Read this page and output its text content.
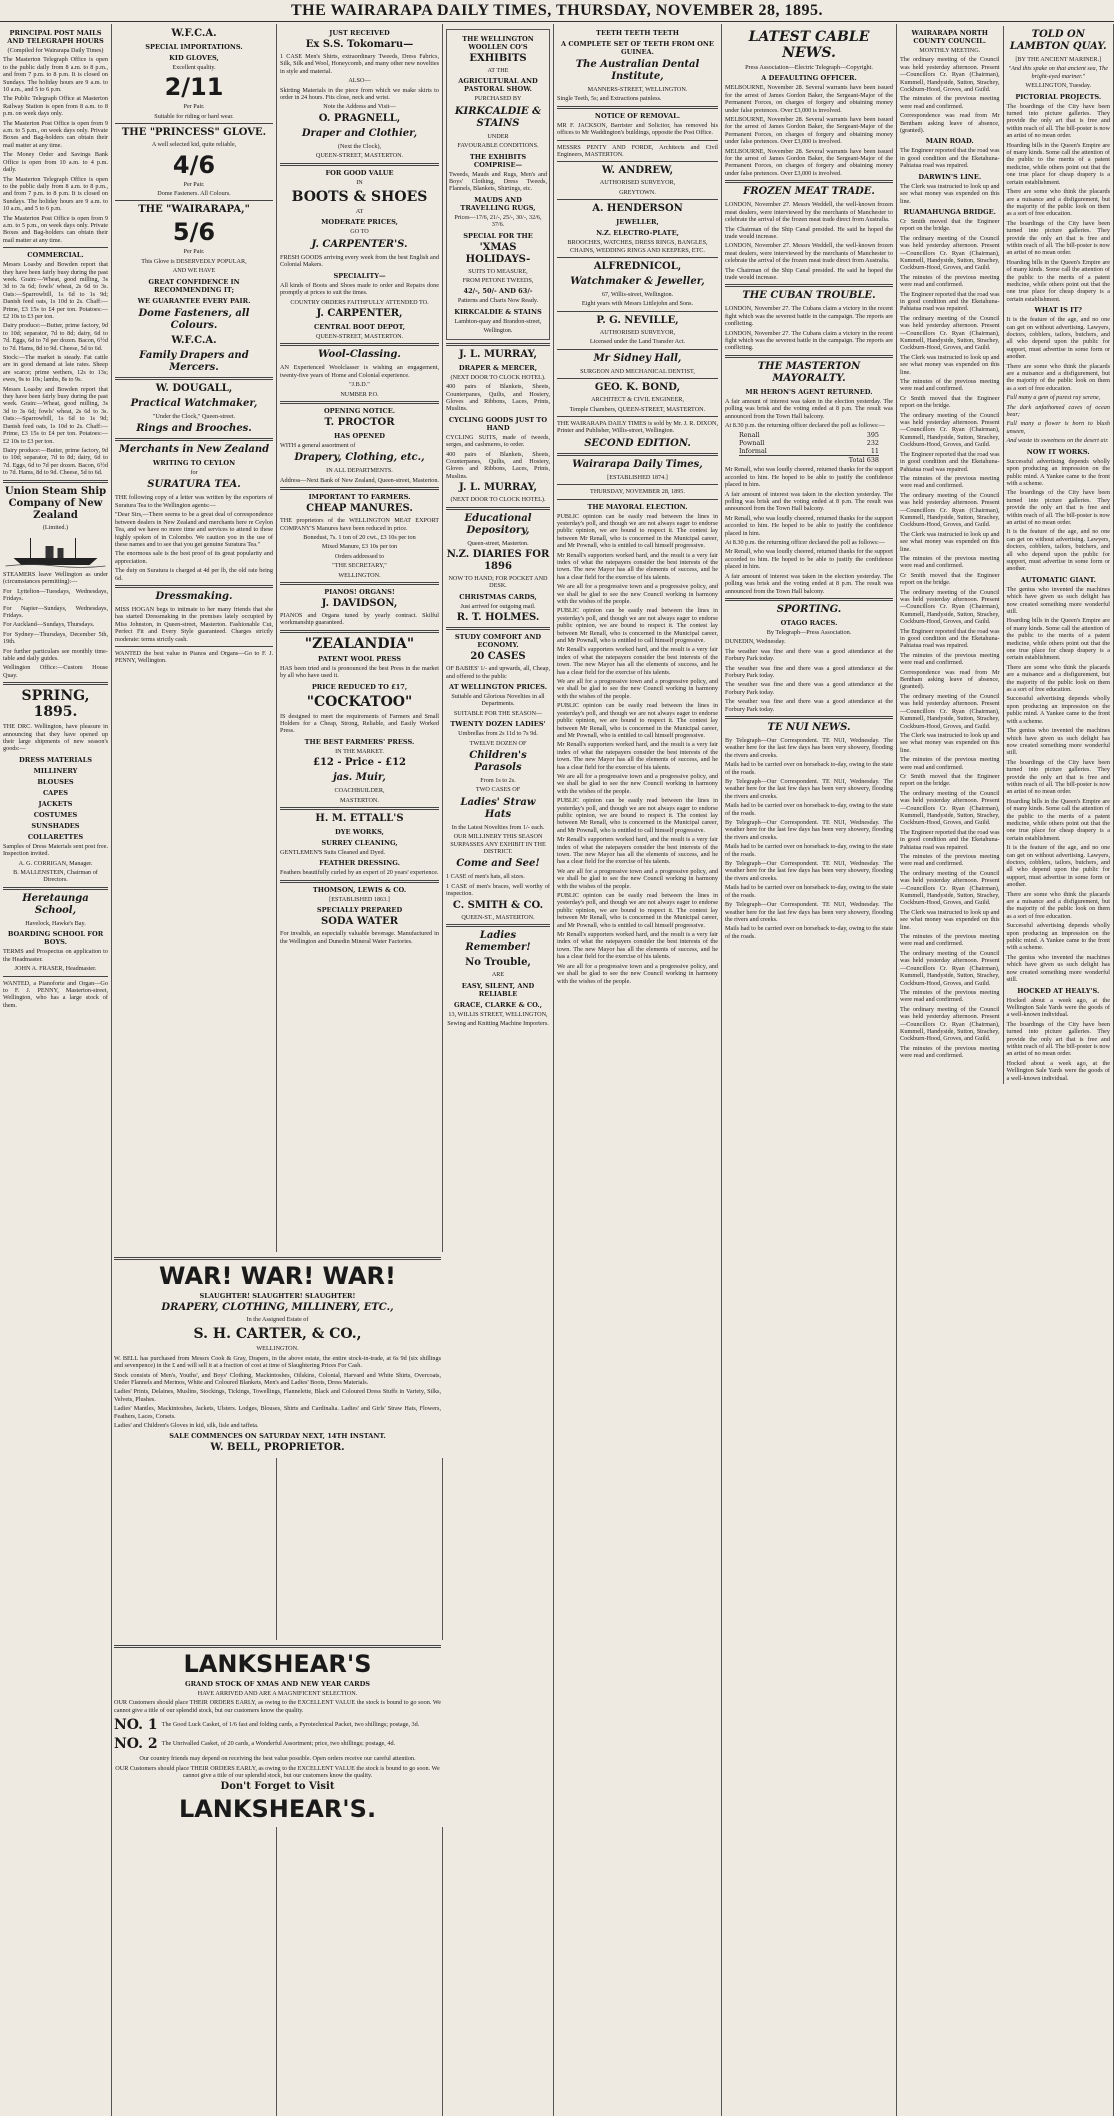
THE WAIRARAPA DAILY TIMES, THURSDAY, NOVEMBER 28, 1895.
PRINCIPAL POST MAILS AND TELEGRAPH HOURS

(Compiled for Wairarapa Daily Times)

The Masterton Telegraph Office is open to the public daily from 8 a.m. to 8 p.m., and from 7 p.m. to 8 p.m. It is closed on Sundays. The holiday hours are 9 a.m. to 10 a.m., and 5 to 6 p.m.

The Public Telegraph Office at Masterton Railway Station is open from 8 a.m. to 8 p.m. on week days only.

The Masterton Post Office is open from 9 a.m. to 5 p.m., on week days only. Private Boxes and Bag-holders can obtain their mail matter at any time.

The Money Order and Savings Bank Office is open from 10 a.m. to 4 p.m. daily.

The Masterton Telegraph Office is open to the public daily from 8 a.m. to 8 p.m., and from 7 p.m. to 8 p.m. It is closed on Sundays. The holiday hours are 9 a.m. to 10 a.m., and 5 to 6 p.m.

The Masterton Post Office is open from 9 a.m. to 5 p.m., on week days only. Private Boxes and Bag-holders can obtain their mail matter at any time.

COMMERCIAL.

Messrs Loasby and Bowden report that they have been fairly busy during the past week. Grain:—Wheat, good milling, 3s 3d to 3s 6d; fowls' wheat, 2s 6d to 3s. Oats:—Sparrowbill, 1s 6d to 1s 9d; Danish feed oats, 1s 10d to 2s. Chaff:—Prime, £3 15s to £4 per ton. Potatoes:—£2 10s to £3 per ton.

Dairy produce:—Butter, prime factory, 9d to 10d; separator, 7d to 8d; dairy, 6d to 7d. Eggs, 6d to 7d per dozen. Bacon, 6½d to 7d. Hams, 8d to 9d. Cheese, 5d to 6d.

Stock:—The market is steady. Fat cattle are in good demand at late rates. Sheep are scarce; prime wethers, 12s to 13s; ewes, 9s to 10s; lambs, 8s to 9s.

Messrs Loasby and Bowden report that they have been fairly busy during the past week. Grain:—Wheat, good milling, 3s 3d to 3s 6d; fowls' wheat, 2s 6d to 3s. Oats:—Sparrowbill, 1s 6d to 1s 9d; Danish feed oats, 1s 10d to 2s. Chaff:—Prime, £3 15s to £4 per ton. Potatoes:—£2 10s to £3 per ton.

Dairy produce:—Butter, prime factory, 9d to 10d; separator, 7d to 8d; dairy, 6d to 7d. Eggs, 6d to 7d per dozen. Bacon, 6½d to 7d. Hams, 8d to 9d. Cheese, 5d to 6d.

Union Steam Ship Company of New Zealand

(Limited.)

STEAMERS leave Wellington as under (circumstances permitting):—

For Lyttelton—Tuesdays, Wednesdays, Fridays.

For Napier—Sundays, Wednesdays, Fridays.

For Auckland—Sundays, Thursdays.

For Sydney—Thursdays, December 5th, 19th.

For further particulars see monthly time-table and daily guides.

Wellington Office:—Custom House Quay.

SPRING, 1895.

THE DRC. Wellington, have pleasure in announcing that they have opened up their large shipments of new season's goods:—

DRESS MATERIALS
MILLINERY
BLOUSES
CAPES
JACKETS
COSTUMES
SUNSHADES
COLLARETTES

Samples of Dress Materials sent post free. Inspection invited.

A. G. CORRIGAN, Manager.

B. MALLENSTEIN, Chairman of Directors.

Heretaunga School,

Havelock, Hawke's Bay.

BOARDING SCHOOL FOR BOYS.

TERMS and Prospectus on application to the Headmaster.

JOHN A. FRASER, Headmaster.

WANTED, a Pianoforte and Organ—Go to F. J. PENNY, Masterton-street, Wellington, who has a large stock of them.

W.F.C.A.
SPECIAL IMPORTATIONS.
KID GLOVES,

Excellent quality.

2/11

Per Pair.

Suitable for riding or hard wear.

THE "PRINCESS" GLOVE.

A well selected kid, quite reliable,

4/6

Per Pair.

Dome Fasteners. All Colours.

THE "WAIRARAPA,"
5/6

Per Pair.

This Glove is DESERVEDLY POPULAR,

AND WE HAVE

GREAT CONFIDENCE IN RECOMMENDING IT;
WE GUARANTEE EVERY PAIR.
Dome Fasteners, all Colours.
W.F.C.A.
Family Drapers and Mercers.
W. DOUGALL,
Practical Watchmaker,

"Under the Clock," Queen-street.

Rings and Brooches.
Merchants in New Zealand
WRITING TO CEYLON

for

SURATURA TEA.

THE following copy of a letter was written by the exporters of Suratura Tea to the Wellington agents:—

"Dear Sirs,—There seems to be a great deal of correspondence between dealers in New Zealand and merchants here re Ceylon Tea, and we have no more time and services to attend to these highly spoken of in Colombo. We caution you in the use of these names and to see that you get genuine Suratura Tea."

The enormous sale is the best proof of its great popularity and appreciation.

The duty on Suratura is charged at 4d per lb, the old rate being 6d.

Dressmaking.

MISS HOGAN begs to intimate to her many friends that she has started Dressmaking in the premises lately occupied by Miss Johnston, in Queen-street, Masterton. Fashionable Cut, Perfect Fit and Every Style guaranteed. Charges strictly moderate: terms strictly cash.

WANTED the best value in Pianos and Organs—Go to F. J. PENNY, Wellington.

JUST RECEIVED
Ex S.S. Tokomaru—

1 CASE Men's Shirts, extraordinary Tweeds, Dress Fabrics, Silk, Silk and Wool, Honeycomb, and many other new novelties in style and material.

ALSO—

Skirting Materials in the piece from which we make skirts to order in 24 hours. Fits close, neck and wrist.

Note the Address and Visit—

O. PRAGNELL,
Draper and Clothier,

(Next the Clock),

QUEEN-STREET, MASTERTON.

FOR GOOD VALUE

IN

BOOTS & SHOES

AT

MODERATE PRICES,

GO TO

J. CARPENTER'S.

FRESH GOODS arriving every week from the best English and Colonial Makers.

SPECIALITY—

All kinds of Boots and Shoes made to order and Repairs done promptly at prices to suit the times.

COUNTRY ORDERS FAITHFULLY ATTENDED TO.

J. CARPENTER,
CENTRAL BOOT DEPOT,

QUEEN-STREET, MASTERTON.

Wool-Classing.

AN Experienced Woolclasser is wishing an engagement, twenty-five years of Home and Colonial experience.

"J.B.D."

NUMBER P.O.

OPENING NOTICE.
T. PROCTOR
HAS OPENED

WITH a general assortment of

Drapery, Clothing, etc.,

IN ALL DEPARTMENTS.

Address—Next Bank of New Zealand, Queen-street, Masterton.

IMPORTANT TO FARMERS.
CHEAP MANURES.

THE proprietors of the WELLINGTON MEAT EXPORT COMPANY'S Manures have been reduced in price.

Bonedust, 7s. 1 ton of 20 cwt., £3 10s per ton

Mixed Manure, £3 10s per ton

Orders addressed to

"THE SECRETARY,"

WELLINGTON.

PIANOS! ORGANS!
J. DAVIDSON,

PIANOS and Organs tuned by yearly contract. Skilful workmanship guaranteed.

"ZEALANDIA"
PATENT WOOL PRESS

HAS been tried and is pronounced the best Press in the market by all who have used it.

PRICE REDUCED TO £17,
"COCKATOO"

IS designed to meet the requirements of Farmers and Small Holders for a Cheap, Strong, Reliable, and Easily Worked Press.

THE BEST FARMERS' PRESS.

IN THE MARKET.

£12 - Price - £12
jas. Muir,

COACHBUILDER,

MASTERTON.

H. M. ETTALL'S
DYE WORKS,
SURREY CLEANING,

GENTLEMEN'S Suits Cleaned and Dyed.

FEATHER DRESSING.

Feathers beautifully curled by an expert of 20 years' experience.

THOMSON, LEWIS & CO.

[ESTABLISHED 1863.]

SPECIALLY PREPARED
SODA WATER

For invalids, an especially valuable beverage. Manufactured in the Wellington and Dunedin Mineral Water Factories.

THE WELLINGTON WOOLLEN CO'S
EXHIBITS

AT THE

AGRICULTURAL AND PASTORAL SHOW.

PURCHASED BY

KIRKCALDIE & STAINS

UNDER

FAVOURABLE CONDITIONS.

THE EXHIBITS COMPRISE—

Tweeds, Mauds and Rugs, Men's and Boys' Clothing, Dress Tweeds, Flannels, Blankets, Shirtings, etc.

MAUDS AND TRAVELLING RUGS,

Prices—17/6, 21/-, 25/-, 30/-, 32/6, 37/6.

SPECIAL FOR THE
'XMAS HOLIDAYS-

SUITS TO MEASURE,

FROM PETONE TWEEDS,

42/-, 50/- AND 63/-

Patterns and Charts Now Ready.

KIRKCALDIE & STAINS

Lambton-quay and Brandon-street,

Wellington.

J. L. MURRAY,
DRAPER & MERCER,

(NEXT DOOR TO CLOCK HOTEL).

400 pairs of Blankets, Sheets, Counterpanes, Quilts, and Hosiery, Gloves and Ribbons, Laces, Prints, Muslins.

CYCLING GOODS JUST TO HAND

CYCLING SUITS, made of tweeds, serges, and cashmeres, to order.

400 pairs of Blankets, Sheets, Counterpanes, Quilts, and Hosiery, Gloves and Ribbons, Laces, Prints, Muslins.

J. L. MURRAY,

(NEXT DOOR TO CLOCK HOTEL).

Educational Depository,

Queen-street, Masterton.

N.Z. DIARIES FOR 1896

NOW TO HAND; FOR POCKET AND DESK.

CHRISTMAS CARDS,

Just arrived for outgoing mail.

R. T. HOLMES.
STUDY COMFORT AND ECONOMY.
20 CASES

OF BABIES' 1/- and upwards, all, Cheap, and offered to the public

AT WELLINGTON PRICES.

Suitable and Glorious Novelties in all Departments.

SUITABLE FOR THE SEASON—

TWENTY DOZEN LADIES'

Umbrellas from 2s 11d to 7s 9d.

TWELVE DOZEN OF

Children's Parasols

From 1s to 2s.

TWO CASES OF

Ladies' Straw Hats

In the Latest Novelties from 1/- each.

OUR MILLINERY THIS SEASON SURPASSES ANY EXHIBIT IN THE DISTRICT.

Come and See!

1 CASE of men's hats, all sizes.

1 CASE of men's braces, well worthy of inspection.

C. SMITH & CO.

QUEEN-ST., MASTERTON.

Ladies Remember!
No Trouble,

ARE

EASY, SILENT, AND RELIABLE
GRACE, CLARKE & CO.,

13, WILLIS STREET, WELLINGTON,

Sewing and Knitting Machine Importers.

TEETH TEETH TEETH
A COMPLETE SET OF TEETH FROM ONE GUINEA.
The Australian Dental Institute,

MANNERS-STREET, WELLINGTON.

Single Teeth, 5s; and Extractions painless.

NOTICE OF REMOVAL.

MR F. JACKSON, Barrister and Solicitor, has removed his offices to Mr Waddington's buildings, opposite the Post Office.

MESSRS PENTY AND FORDE, Architects and Civil Engineers, MASTERTON.

W. ANDREW,

AUTHORISED SURVEYOR,

GREYTOWN.

A. HENDERSON
JEWELLER,
N.Z. ELECTRO-PLATE,

BROOCHES, WATCHES, DRESS RINGS, BANGLES, CHAINS, WEDDING RINGS AND KEEPERS, ETC.

ALFREDNICOL,
Watchmaker & Jeweller,

67, Willis-street, Wellington.

Eight years with Messrs Littlejohn and Sons.

P. G. NEVILLE,

AUTHORISED SURVEYOR,

Licensed under the Land Transfer Act.

Mr Sidney Hall,

SURGEON AND MECHANICAL DENTIST,

GEO. K. BOND,

ARCHITECT & CIVIL ENGINEER,

Temple Chambers, QUEEN-STREET, MASTERTON.

THE WAIRARAPA DAILY TIMES is sold by Mr. J. R. DIXON, Printer and Publisher, Willis-street, Wellington.

SECOND EDITION.
Wairarapa Daily Times,

[ESTABLISHED 1874.]

THURSDAY, NOVEMBER 28, 1895.

THE MAYORAL ELECTION.

PUBLIC opinion can be easily read between the lines in yesterday's poll, and though we are not always eager to endorse public opinion, we are bound to respect it. The contest lay between Mr Renall, who is concerned in the Municipal career, and Mr Pownall, who is entitled to call himself progressive.

Mr Renall's supporters worked hard, and the result is a very fair index of what the ratepayers consider the best interests of the town. The new Mayor has all the elements of success, and he has a clear field for the exercise of his talents.

We are all for a progressive town and a progressive policy, and we shall be glad to see the new Council working in harmony with the wishes of the people.

PUBLIC opinion can be easily read between the lines in yesterday's poll, and though we are not always eager to endorse public opinion, we are bound to respect it. The contest lay between Mr Renall, who is concerned in the Municipal career, and Mr Pownall, who is entitled to call himself progressive.

Mr Renall's supporters worked hard, and the result is a very fair index of what the ratepayers consider the best interests of the town. The new Mayor has all the elements of success, and he has a clear field for the exercise of his talents.

We are all for a progressive town and a progressive policy, and we shall be glad to see the new Council working in harmony with the wishes of the people.

PUBLIC opinion can be easily read between the lines in yesterday's poll, and though we are not always eager to endorse public opinion, we are bound to respect it. The contest lay between Mr Renall, who is concerned in the Municipal career, and Mr Pownall, who is entitled to call himself progressive.

Mr Renall's supporters worked hard, and the result is a very fair index of what the ratepayers consider the best interests of the town. The new Mayor has all the elements of success, and he has a clear field for the exercise of his talents.

We are all for a progressive town and a progressive policy, and we shall be glad to see the new Council working in harmony with the wishes of the people.

PUBLIC opinion can be easily read between the lines in yesterday's poll, and though we are not always eager to endorse public opinion, we are bound to respect it. The contest lay between Mr Renall, who is concerned in the Municipal career, and Mr Pownall, who is entitled to call himself progressive.

Mr Renall's supporters worked hard, and the result is a very fair index of what the ratepayers consider the best interests of the town. The new Mayor has all the elements of success, and he has a clear field for the exercise of his talents.

We are all for a progressive town and a progressive policy, and we shall be glad to see the new Council working in harmony with the wishes of the people.

PUBLIC opinion can be easily read between the lines in yesterday's poll, and though we are not always eager to endorse public opinion, we are bound to respect it. The contest lay between Mr Renall, who is concerned in the Municipal career, and Mr Pownall, who is entitled to call himself progressive.

Mr Renall's supporters worked hard, and the result is a very fair index of what the ratepayers consider the best interests of the town. The new Mayor has all the elements of success, and he has a clear field for the exercise of his talents.

We are all for a progressive town and a progressive policy, and we shall be glad to see the new Council working in harmony with the wishes of the people.

LATEST CABLE NEWS.

Press Association—Electric Telegraph—Copyright.

A DEFAULTING OFFICER.

MELBOURNE, November 28. Several warrants have been issued for the arrest of James Gordon Baker, the Sergeant-Major of the Permanent Forces, on charges of forgery and obtaining money under false pretences. Over £3,000 is involved.

MELBOURNE, November 28. Several warrants have been issued for the arrest of James Gordon Baker, the Sergeant-Major of the Permanent Forces, on charges of forgery and obtaining money under false pretences. Over £3,000 is involved.

MELBOURNE, November 28. Several warrants have been issued for the arrest of James Gordon Baker, the Sergeant-Major of the Permanent Forces, on charges of forgery and obtaining money under false pretences. Over £3,000 is involved.

FROZEN MEAT TRADE.

LONDON, November 27. Messrs Weddell, the well-known frozen meat dealers, were interviewed by the merchants of Manchester to celebrate the arrival of the frozen meat trade direct from Australia.

The Chairman of the Ship Canal presided. He said he hoped the trade would increase.

LONDON, November 27. Messrs Weddell, the well-known frozen meat dealers, were interviewed by the merchants of Manchester to celebrate the arrival of the frozen meat trade direct from Australia.

The Chairman of the Ship Canal presided. He said he hoped the trade would increase.

THE CUBAN TROUBLE.

LONDON, November 27. The Cubans claim a victory in the recent fight which was the severest battle in the campaign. The reports are conflicting.

LONDON, November 27. The Cubans claim a victory in the recent fight which was the severest battle in the campaign. The reports are conflicting.

THE MASTERTON MAYORALTY.
MR HERON'S AGENT RETURNED.

A fair amount of interest was taken in the election yesterday. The polling was brisk and the voting ended at 8 p.m. The result was announced from the Town Hall balcony.

At 8.30 p.m. the returning officer declared the poll as follows:—

Renall	395
Pownall	232
Informal	11
Total 638

Mr Renall, who was loudly cheered, returned thanks for the support accorded to him. He hoped to be able to justify the confidence placed in him.

A fair amount of interest was taken in the election yesterday. The polling was brisk and the voting ended at 8 p.m. The result was announced from the Town Hall balcony.

Mr Renall, who was loudly cheered, returned thanks for the support accorded to him. He hoped to be able to justify the confidence placed in him.

At 8.30 p.m. the returning officer declared the poll as follows:—

Mr Renall, who was loudly cheered, returned thanks for the support accorded to him. He hoped to be able to justify the confidence placed in him.

A fair amount of interest was taken in the election yesterday. The polling was brisk and the voting ended at 8 p.m. The result was announced from the Town Hall balcony.

SPORTING.
OTAGO RACES.

By Telegraph—Press Association.

DUNEDIN, Wednesday.

The weather was fine and there was a good attendance at the Forbury Park today.

The weather was fine and there was a good attendance at the Forbury Park today.

The weather was fine and there was a good attendance at the Forbury Park today.

The weather was fine and there was a good attendance at the Forbury Park today.

TE NUI NEWS.

By Telegraph—Our Correspondent. TE NUI, Wednesday. The weather here for the last few days has been very showery, flooding the rivers and creeks.

Mails had to be carried over on horseback to-day, owing to the state of the roads.

By Telegraph—Our Correspondent. TE NUI, Wednesday. The weather here for the last few days has been very showery, flooding the rivers and creeks.

Mails had to be carried over on horseback to-day, owing to the state of the roads.

By Telegraph—Our Correspondent. TE NUI, Wednesday. The weather here for the last few days has been very showery, flooding the rivers and creeks.

Mails had to be carried over on horseback to-day, owing to the state of the roads.

By Telegraph—Our Correspondent. TE NUI, Wednesday. The weather here for the last few days has been very showery, flooding the rivers and creeks.

Mails had to be carried over on horseback to-day, owing to the state of the roads.

By Telegraph—Our Correspondent. TE NUI, Wednesday. The weather here for the last few days has been very showery, flooding the rivers and creeks.

Mails had to be carried over on horseback to-day, owing to the state of the roads.

WAIRARAPA NORTH COUNTY COUNCIL.

MONTHLY MEETING.

The ordinary meeting of the Council was held yesterday afternoon. Present—Councillors Cr. Ryan (Chairman), Kummell, Handyside, Sutton, Strachey, Cockburn-Hood, Groves, and Guild.

The minutes of the previous meeting were read and confirmed.

Correspondence was read from Mr Bentham asking leave of absence, (granted).

MAIN ROAD.

The Engineer reported that the road was in good condition and the Eketahuna-Pahiatua road was repaired.

DARWIN'S LINE.

The Clerk was instructed to look up and see what money was expended on this line.

RUAMAHUNGA BRIDGE.

Cr Smith moved that the Engineer report on the bridge.

The ordinary meeting of the Council was held yesterday afternoon. Present—Councillors Cr. Ryan (Chairman), Kummell, Handyside, Sutton, Strachey, Cockburn-Hood, Groves, and Guild.

The minutes of the previous meeting were read and confirmed.

The Engineer reported that the road was in good condition and the Eketahuna-Pahiatua road was repaired.

The ordinary meeting of the Council was held yesterday afternoon. Present—Councillors Cr. Ryan (Chairman), Kummell, Handyside, Sutton, Strachey, Cockburn-Hood, Groves, and Guild.

The Clerk was instructed to look up and see what money was expended on this line.

The minutes of the previous meeting were read and confirmed.

Cr Smith moved that the Engineer report on the bridge.

The ordinary meeting of the Council was held yesterday afternoon. Present—Councillors Cr. Ryan (Chairman), Kummell, Handyside, Sutton, Strachey, Cockburn-Hood, Groves, and Guild.

The Engineer reported that the road was in good condition and the Eketahuna-Pahiatua road was repaired.

The minutes of the previous meeting were read and confirmed.

The ordinary meeting of the Council was held yesterday afternoon. Present—Councillors Cr. Ryan (Chairman), Kummell, Handyside, Sutton, Strachey, Cockburn-Hood, Groves, and Guild.

The Clerk was instructed to look up and see what money was expended on this line.

The minutes of the previous meeting were read and confirmed.

Cr Smith moved that the Engineer report on the bridge.

The ordinary meeting of the Council was held yesterday afternoon. Present—Councillors Cr. Ryan (Chairman), Kummell, Handyside, Sutton, Strachey, Cockburn-Hood, Groves, and Guild.

The Engineer reported that the road was in good condition and the Eketahuna-Pahiatua road was repaired.

The minutes of the previous meeting were read and confirmed.

Correspondence was read from Mr Bentham asking leave of absence, (granted).

The ordinary meeting of the Council was held yesterday afternoon. Present—Councillors Cr. Ryan (Chairman), Kummell, Handyside, Sutton, Strachey, Cockburn-Hood, Groves, and Guild.

The Clerk was instructed to look up and see what money was expended on this line.

The minutes of the previous meeting were read and confirmed.

Cr Smith moved that the Engineer report on the bridge.

The ordinary meeting of the Council was held yesterday afternoon. Present—Councillors Cr. Ryan (Chairman), Kummell, Handyside, Sutton, Strachey, Cockburn-Hood, Groves, and Guild.

The Engineer reported that the road was in good condition and the Eketahuna-Pahiatua road was repaired.

The minutes of the previous meeting were read and confirmed.

The ordinary meeting of the Council was held yesterday afternoon. Present—Councillors Cr. Ryan (Chairman), Kummell, Handyside, Sutton, Strachey, Cockburn-Hood, Groves, and Guild.

The Clerk was instructed to look up and see what money was expended on this line.

The minutes of the previous meeting were read and confirmed.

The ordinary meeting of the Council was held yesterday afternoon. Present—Councillors Cr. Ryan (Chairman), Kummell, Handyside, Sutton, Strachey, Cockburn-Hood, Groves, and Guild.

The minutes of the previous meeting were read and confirmed.

The ordinary meeting of the Council was held yesterday afternoon. Present—Councillors Cr. Ryan (Chairman), Kummell, Handyside, Sutton, Strachey, Cockburn-Hood, Groves, and Guild.

The minutes of the previous meeting were read and confirmed.

TOLD ON LAMBTON QUAY.

[BY THE ANCIENT MARINER.]

"And this spake on that ancient sea, The bright-eyed mariner."

WELLINGTON, Tuesday.

PICTORIAL PROJECTS.

The boardings of the City have been turned into picture galleries. They provide the only art that is free and within reach of all. The bill-poster is now an artist of no mean order.

Hoarding bills in the Queen's Empire are of many kinds. Some call the attention of the public to the merits of a patent medicine, while others point out that the one true place for cheap drapery is a certain establishment.

There are some who think the placards are a nuisance and a disfigurement, but the majority of the public look on them as a sort of free education.

The boardings of the City have been turned into picture galleries. They provide the only art that is free and within reach of all. The bill-poster is now an artist of no mean order.

Hoarding bills in the Queen's Empire are of many kinds. Some call the attention of the public to the merits of a patent medicine, while others point out that the one true place for cheap drapery is a certain establishment.

WHAT IS IT?

It is the feature of the age, and no one can get on without advertising. Lawyers, doctors, cobblers, tailors, butchers, and all who depend upon the public for support, must advertise in some form or another.

There are some who think the placards are a nuisance and a disfigurement, but the majority of the public look on them as a sort of free education.

Full many a gem of purest ray serene,

The dark unfathomed caves of ocean bear;

Full many a flower is born to blush unseen,

And waste its sweetness on the desert air.

NOW IT WORKS.

Successful advertising depends wholly upon producing an impression on the public mind. A Yankee came to the front with a scheme.

The boardings of the City have been turned into picture galleries. They provide the only art that is free and within reach of all. The bill-poster is now an artist of no mean order.

It is the feature of the age, and no one can get on without advertising. Lawyers, doctors, cobblers, tailors, butchers, and all who depend upon the public for support, must advertise in some form or another.

AUTOMATIC GIANT.

The genius who invented the machines which have given us such delight has now created something more wonderful still.

Hoarding bills in the Queen's Empire are of many kinds. Some call the attention of the public to the merits of a patent medicine, while others point out that the one true place for cheap drapery is a certain establishment.

There are some who think the placards are a nuisance and a disfigurement, but the majority of the public look on them as a sort of free education.

Successful advertising depends wholly upon producing an impression on the public mind. A Yankee came to the front with a scheme.

The genius who invented the machines which have given us such delight has now created something more wonderful still.

The boardings of the City have been turned into picture galleries. They provide the only art that is free and within reach of all. The bill-poster is now an artist of no mean order.

Hoarding bills in the Queen's Empire are of many kinds. Some call the attention of the public to the merits of a patent medicine, while others point out that the one true place for cheap drapery is a certain establishment.

It is the feature of the age, and no one can get on without advertising. Lawyers, doctors, cobblers, tailors, butchers, and all who depend upon the public for support, must advertise in some form or another.

There are some who think the placards are a nuisance and a disfigurement, but the majority of the public look on them as a sort of free education.

Successful advertising depends wholly upon producing an impression on the public mind. A Yankee came to the front with a scheme.

The genius who invented the machines which have given us such delight has now created something more wonderful still.

HOCKED AT HEALY'S.

Hocked about a week ago, at the Wellington Sale Yards were the goods of a well-known individual.

The boardings of the City have been turned into picture galleries. They provide the only art that is free and within reach of all. The bill-poster is now an artist of no mean order.

Hocked about a week ago, at the Wellington Sale Yards were the goods of a well-known individual.

WAR! WAR! WAR!
SLAUGHTER! SLAUGHTER! SLAUGHTER!
DRAPERY, CLOTHING, MILLINERY, ETC.,

In the Assigned Estate of

S. H. CARTER, & CO.,

WELLINGTON.

W. BELL has purchased from Messrs Cook & Gray, Drapers, in the above estate, the entire stock-in-trade, at 6s 9d (six shillings and sevenpence) in the £ and will sell it at a fraction of cost at time of Slaughtering Prices For Cash.

Stock consists of Men's, Youths', and Boys' Clothing, Mackintoshes, Oilskins, Colonial, Harvard and White Shirts, Overcoats, Under Flannels and Merinos, White and Coloured Blankets, Men's and Ladies' Boots, Dress Materials.

Ladies' Prints, Delaines, Muslins, Stockings, Tickings, Towellings, Flannelette, Black and Coloured Dress Stuffs in Variety, Silks, Velvets, Plushes.

Ladies' Mantles, Mackintoshes, Jackets, Ulsters. Lodges, Blouses, Shirts and Cardinalia. Ladies' and Girls' Straw Hats, Flowers, Feathers, Laces, Corsets.

Ladies' and Children's Gloves in kid, silk, lisle and taffeta.

SALE COMMENCES ON SATURDAY NEXT, 14TH INSTANT.
W. BELL, PROPRIETOR.
LANKSHEAR'S
GRAND STOCK OF XMAS AND NEW YEAR CARDS

HAVE ARRIVED AND ARE A MAGNIFICENT SELECTION.

OUR Customers should place THEIR ORDERS EARLY, as owing to the EXCELLENT VALUE the stock is bound to go soon. We cannot give a title of our splendid stock, but our customers know the quality.

NO. 1 The Good Luck Casket, of 1/6 fast and folding cards, a Pyrotechnical Packet, two shillings; postage, 3d.

NO. 2 The Unrivalled Casket, of 20 cards, a Wonderful Assortment; price, two shillings; postage, 4d.

Our country friends may depend on receiving the best value possible. Open orders receive our careful attention.

OUR Customers should place THEIR ORDERS EARLY, as owing to the EXCELLENT VALUE the stock is bound to go soon. We cannot give a title of our splendid stock, but our customers know the quality.

Don't Forget to Visit
LANKSHEAR'S.
